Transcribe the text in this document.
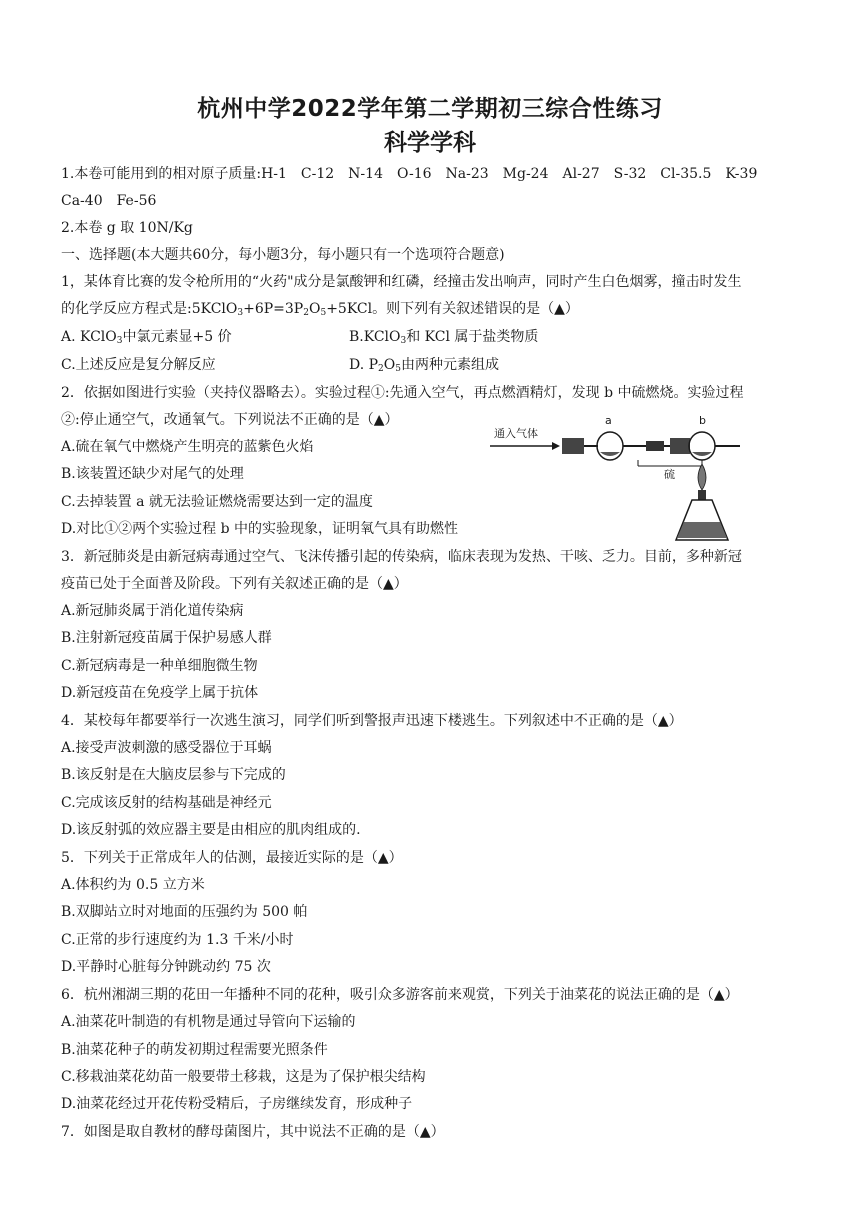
杭州中学2022学年第二学期初三综合性练习
科学学科
1.本卷可能用到的相对原子质量:H-1　C-12　N-14　O-16　Na-23　Mg-24　Al-27　S-32　Cl-35.5　K-39
Ca-40　Fe-56
2.本卷 g 取 10N/Kg
一、选择题(本大题共60分，每小题3分，每小题只有一个选项符合题意)
1，某体育比赛的发令枪所用的“火药"成分是氯酸钾和红磷，经撞击发出响声，同时产生白色烟雾，撞击时发生
的化学反应方程式是$:5KClO_3+6P=3P_2O_5+5KCl$。则下列有关叙述错误的是（▲）
A. KClO$_3$中氯元素显+5 价	B.KClO$_3$和 KCl 属于盐类物质
C.上述反应是复分解反应	D. $P_2O_5$由两种元素组成
2．依据如图进行实验（夹持仪器略去）。实验过程①:先通入空气，再点燃酒精灯，发现 b 中硫燃烧。实验过程
②:停止通空气，改通氧气。下列说法不正确的是（▲）
A.硫在氧气中燃烧产生明亮的蓝紫色火焰
B.该装置还缺少对尾气的处理
C.去掉装置 a 就无法验证燃烧需要达到一定的温度
D.对比①②两个实验过程 b 中的实验现象，证明氧气具有助燃性
通入气体
a
硫
b
3．新冠肺炎是由新冠病毒通过空气、飞沫传播引起的传染病，临床表现为发热、干咳、乏力。目前，多种新冠
疫苗已处于全面普及阶段。下列有关叙述正确的是（▲）
A.新冠肺炎属于消化道传染病
B.注射新冠疫苗属于保护易感人群
C.新冠病毒是一种单细胞微生物
D.新冠疫苗在免疫学上属于抗体
4．某校每年都要举行一次逃生演习，同学们听到警报声迅速下楼逃生。下列叙述中不正确的是（▲）
A.接受声波刺激的感受器位于耳蜗
B.该反射是在大脑皮层参与下完成的
C.完成该反射的结构基础是神经元
D.该反射弧的效应器主要是由相应的肌肉组成的.
5．下列关于正常成年人的估测，最接近实际的是（▲）
A.体积约为 0.5 立方米
B.双脚站立时对地面的压强约为 500 帕
C.正常的步行速度约为 1.3 千米/小时
D.平静时心脏每分钟跳动约 75 次
6．杭州湘湖三期的花田一年播种不同的花种，吸引众多游客前来观赏，下列关于油菜花的说法正确的是（▲）
A.油菜花叶制造的有机物是通过导管向下运输的
B.油菜花种子的萌发初期过程需要光照条件
C.移栽油菜花幼苗一般要带土移栽，这是为了保护根尖结构
D.油菜花经过开花传粉受精后，子房继续发育，形成种子
7．如图是取自教材的酵母菌图片，其中说法不正确的是（▲）
